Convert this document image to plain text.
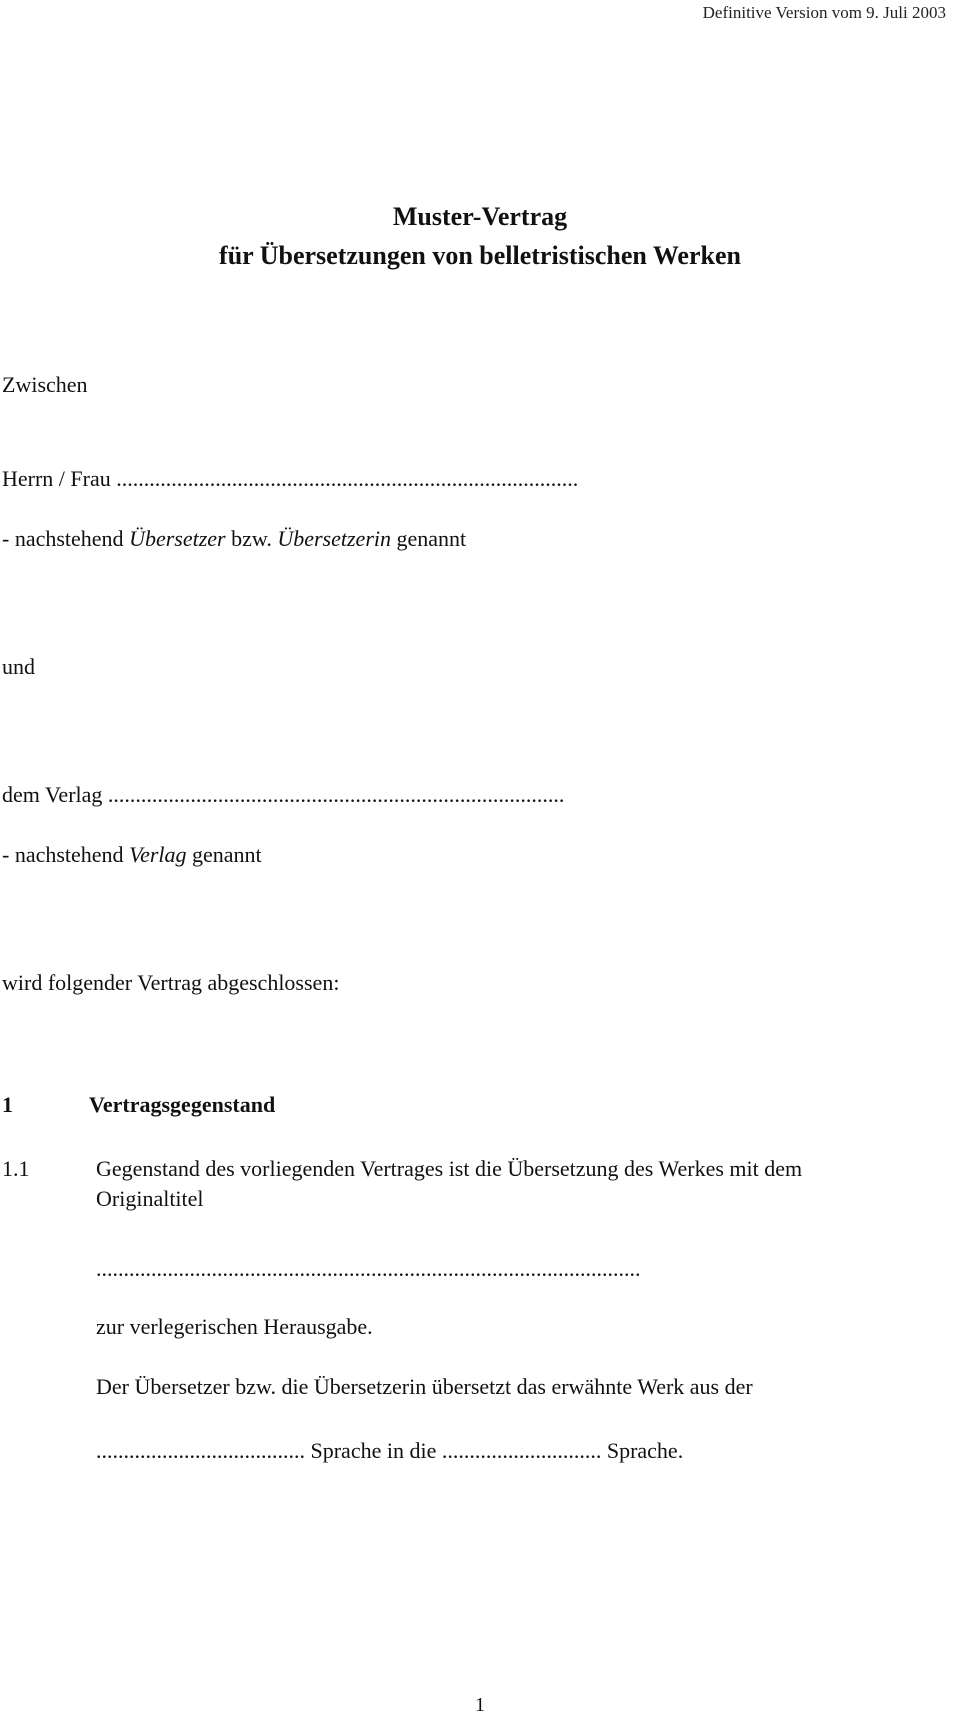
Definitive Version vom 9. Juli 2003
Muster-Vertrag
für Übersetzungen von belletristischen Werken
Zwischen
Herrn / Frau ....................................................................................
- nachstehend Übersetzer bzw. Übersetzerin genannt
und
dem Verlag ...................................................................................
- nachstehend Verlag genannt
wird folgender Vertrag abgeschlossen:
1	Vertragsgegenstand
1.1	Gegenstand des vorliegenden Vertrages ist die Übersetzung des Werkes mit dem
Originaltitel
...................................................................................................
zur verlegerischen Herausgabe.
Der Übersetzer bzw. die Übersetzerin übersetzt das erwähnte Werk aus der
...................................... Sprache in die ............................. Sprache.
1
